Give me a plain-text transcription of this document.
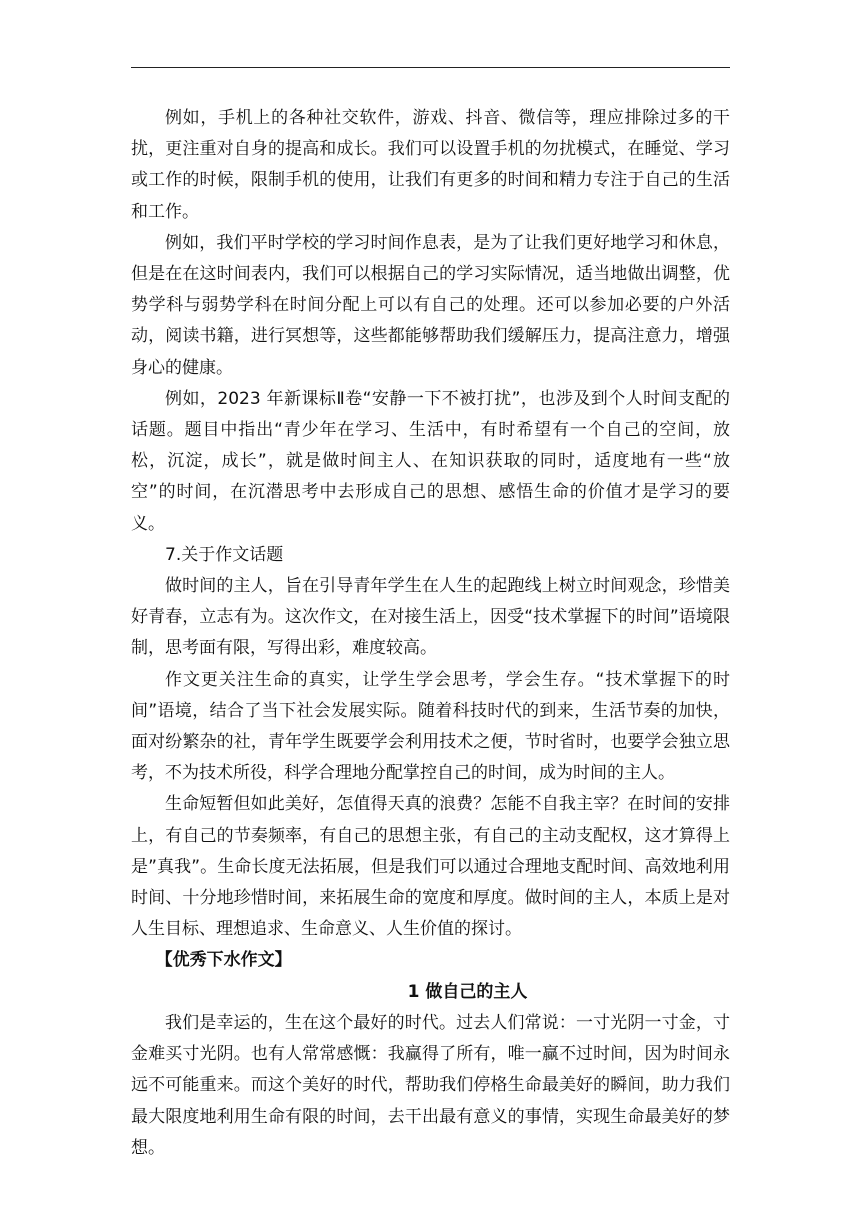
例如，手机上的各种社交软件，游戏、抖音、微信等，理应排除过多的干扰，更注重对自身的提高和成长。我们可以设置手机的勿扰模式，在睡觉、学习或工作的时候，限制手机的使用，让我们有更多的时间和精力专注于自己的生活和工作。

例如，我们平时学校的学习时间作息表，是为了让我们更好地学习和休息，但是在在这时间表内，我们可以根据自己的学习实际情况，适当地做出调整，优势学科与弱势学科在时间分配上可以有自己的处理。还可以参加必要的户外活动，阅读书籍，进行冥想等，这些都能够帮助我们缓解压力，提高注意力，增强身心的健康。

例如，2023 年新课标Ⅱ卷“安静一下不被打扰”，也涉及到个人时间支配的话题。题目中指出“青少年在学习、生活中，有时希望有一个自己的空间，放松，沉淀，成长”，就是做时间主人、在知识获取的同时，适度地有一些“放空”的时间，在沉潜思考中去形成自己的思想、感悟生命的价值才是学习的要义。

7.关于作文话题

做时间的主人，旨在引导青年学生在人生的起跑线上树立时间观念，珍惜美好青春，立志有为。这次作文，在对接生活上，因受“技术掌握下的时间”语境限制，思考面有限，写得出彩，难度较高。

作文更关注生命的真实，让学生学会思考，学会生存。“技术掌握下的时间”语境，结合了当下社会发展实际。随着科技时代的到来，生活节奏的加快，面对纷繁杂的社，青年学生既要学会利用技术之便，节时省时，也要学会独立思考，不为技术所役，科学合理地分配掌控自己的时间，成为时间的主人。

生命短暂但如此美好，怎值得天真的浪费？怎能不自我主宰？在时间的安排上，有自己的节奏频率，有自己的思想主张，有自己的主动支配权，这才算得上是”真我”。生命长度无法拓展，但是我们可以通过合理地支配时间、高效地利用时间、十分地珍惜时间，来拓展生命的宽度和厚度。做时间的主人，本质上是对人生目标、理想追求、生命意义、人生价值的探讨。

【优秀下水作文】

1 做自己的主人

我们是幸运的，生在这个最好的时代。过去人们常说：一寸光阴一寸金，寸金难买寸光阴。也有人常常感慨：我赢得了所有，唯一赢不过时间，因为时间永远不可能重来。而这个美好的时代，帮助我们停格生命最美好的瞬间，助力我们最大限度地利用生命有限的时间，去干出最有意义的事情，实现生命最美好的梦想。
